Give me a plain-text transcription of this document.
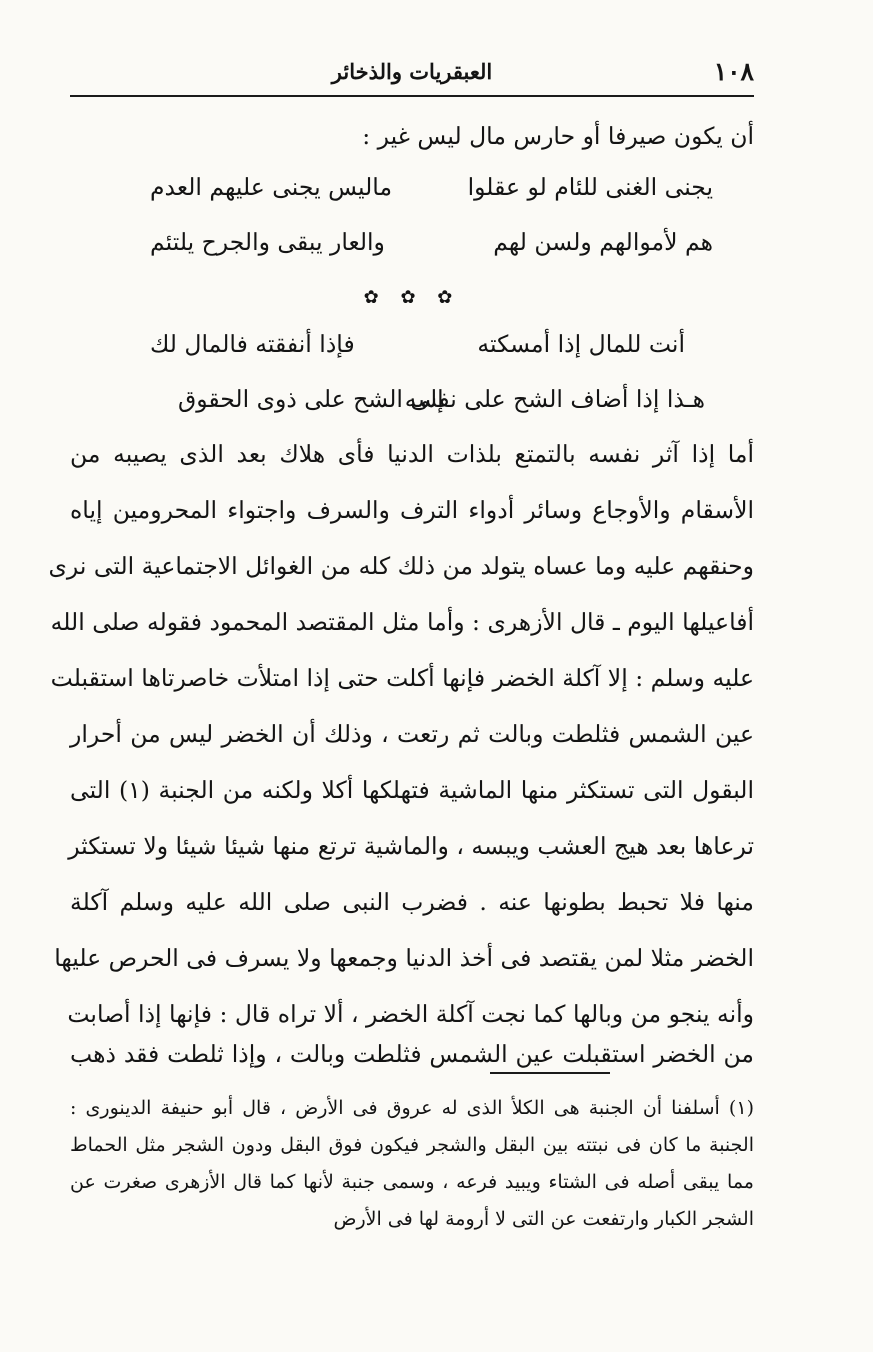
١٠٨
العبقريات والذخائر
أن يكون صيرفا أو حارس مال ليس غير :
يجنى الغنى للئام لو عقلوا
ماليس يجنى عليهم العدم
هم لأموالهم ولسن لهم
والعار يبقى والجرح يلتئم
✿ ✿ ✿
أنت للمال إذا أمسكته
فإذا أنفقته فالمال لك
هـذا إذا أضاف الشح على نفسه
إلى الشح على ذوى الحقوق
أما إذا آثر نفسه بالتمتع بلذات الدنيا فأى هلاك بعد الذى يصيبه من
الأسقام والأوجاع وسائر أدواء الترف والسرف واجتواء المحرومين إياه
وحنقهم عليه وما عساه يتولد من ذلك كله من الغوائل الاجتماعية التى نرى
أفاعيلها اليوم ـ قال الأزهرى : وأما مثل المقتصد المحمود فقوله صلى الله
عليه وسلم : إلا آكلة الخضر فإنها أكلت حتى إذا امتلأت خاصرتاها استقبلت
عين الشمس فثلطت وبالت ثم رتعت ، وذلك أن الخضر ليس من أحرار
البقول التى تستكثر منها الماشية فتهلكها أكلا ولكنه من الجنبة (١) التى
ترعاها بعد هيج العشب ويبسه ، والماشية ترتع منها شيئا شيئا ولا تستكثر
منها فلا تحبط بطونها عنه . فضرب النبى صلى الله عليه وسلم آكلة
الخضر مثلا لمن يقتصد فى أخذ الدنيا وجمعها ولا يسرف فى الحرص عليها
وأنه ينجو من وبالها كما نجت آكلة الخضر ، ألا تراه قال : فإنها إذا أصابت
من الخضر استقبلت عين الشمس فثلطت وبالت ، وإذا ثلطت فقد ذهب
(١) أسلفنا أن الجنبة هى الكلأ الذى له عروق فى الأرض ، قال أبو حنيفة الدينورى :
الجنبة ما كان فى نبتته بين البقل والشجر فيكون فوق البقل ودون الشجر مثل الحماط
مما يبقى أصله فى الشتاء ويبيد فرعه ، وسمى جنبة لأنها كما قال الأزهرى صغرت عن
الشجر الكبار وارتفعت عن التى لا أرومة لها فى الأرض
